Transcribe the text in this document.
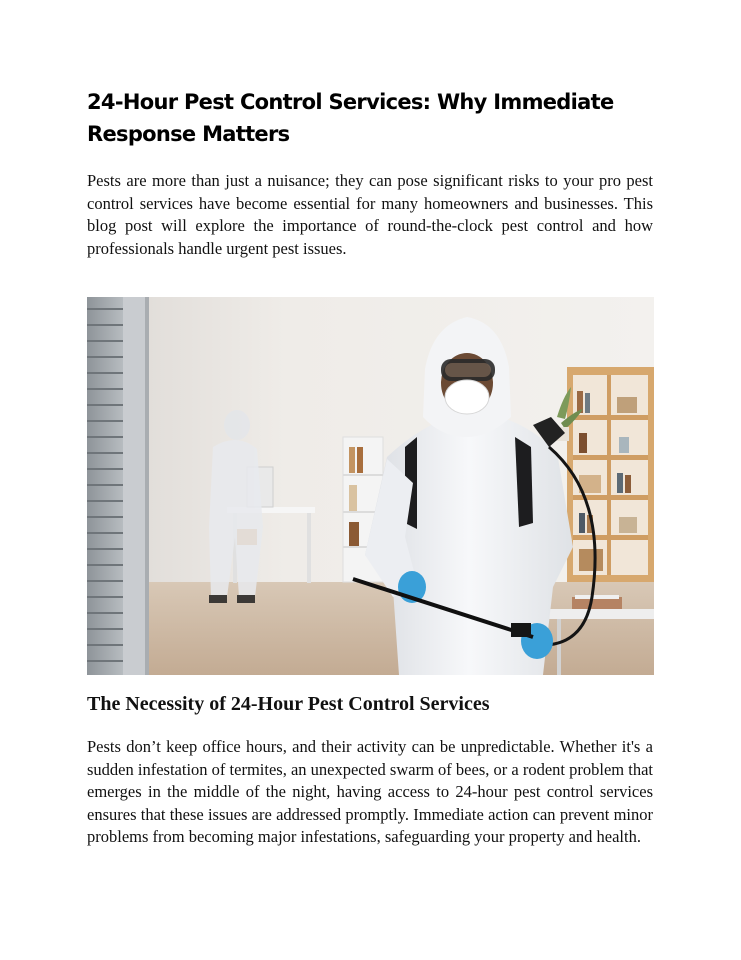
24-Hour Pest Control Services: Why Immediate Response Matters

Pests are more than just a nuisance; they can pose significant risks to your pro pest control services have become essential for many homeowners and businesses. This blog post will explore the importance of round-the-clock pest control and how professionals handle urgent pest issues.

The Necessity of 24-Hour Pest Control Services

Pests don’t keep office hours, and their activity can be unpredictable. Whether it's a sudden infestation of termites, an unexpected swarm of bees, or a rodent problem that emerges in the middle of the night, having access to 24-hour pest control services ensures that these issues are addressed promptly. Immediate action can prevent minor problems from becoming major infestations, safeguarding your property and health.
